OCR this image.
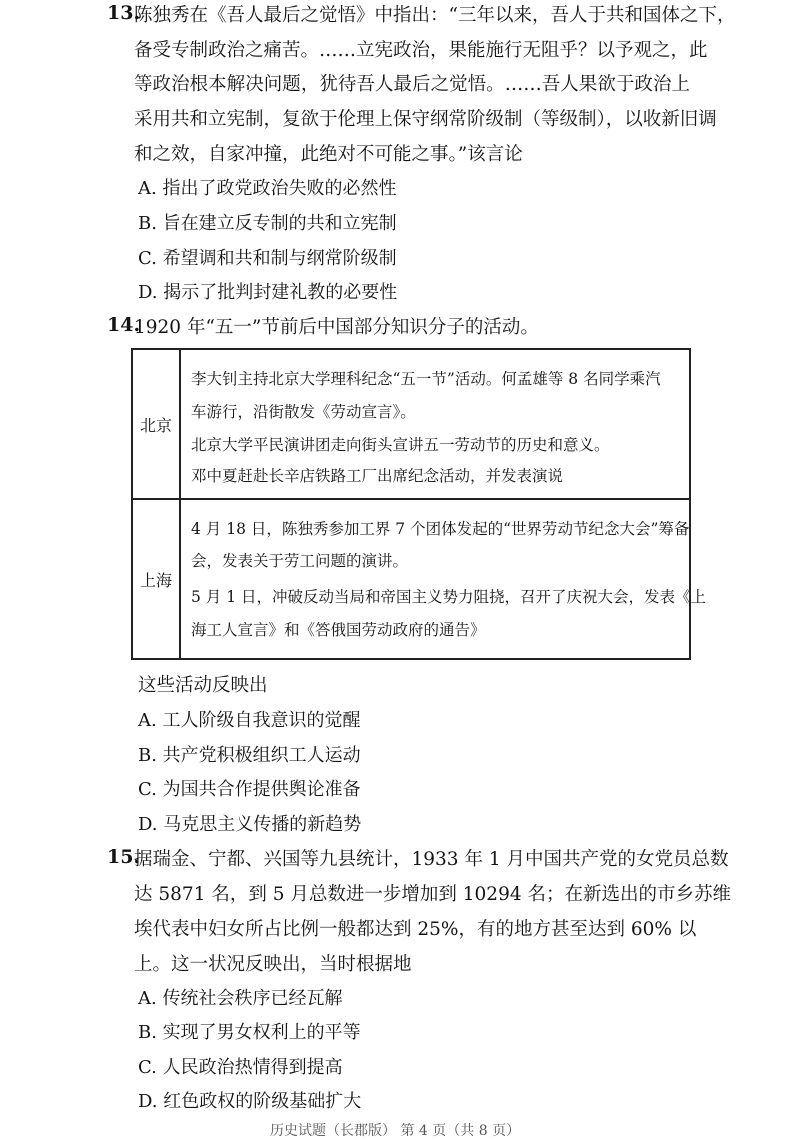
13.
陈独秀在《吾人最后之觉悟》中指出：“三年以来，吾人于共和国体之下，
备受专制政治之痛苦。……立宪政治，果能施行无阻乎？以予观之，此
等政治根本解决问题，犹待吾人最后之觉悟。……吾人果欲于政治上
采用共和立宪制，复欲于伦理上保守纲常阶级制（等级制），以收新旧调
和之效，自家冲撞，此绝对不可能之事。”该言论
A. 指出了政党政治失败的必然性
B. 旨在建立反专制的共和立宪制
C. 希望调和共和制与纲常阶级制
D. 揭示了批判封建礼教的必要性
14.
1920 年“五一”节前后中国部分知识分子的活动。
北京
李大钊主持北京大学理科纪念“五一节”活动。何孟雄等 8 名同学乘汽
车游行，沿街散发《劳动宣言》。
北京大学平民演讲团走向街头宣讲五一劳动节的历史和意义。
邓中夏赶赴长辛店铁路工厂出席纪念活动，并发表演说
上海
4 月 18 日，陈独秀参加工界 7 个团体发起的“世界劳动节纪念大会”筹备
会，发表关于劳工问题的演讲。
5 月 1 日，冲破反动当局和帝国主义势力阻挠，召开了庆祝大会，发表《上
海工人宣言》和《答俄国劳动政府的通告》
这些活动反映出
A. 工人阶级自我意识的觉醒
B. 共产党积极组织工人运动
C. 为国共合作提供舆论准备
D. 马克思主义传播的新趋势
15.
据瑞金、宁都、兴国等九县统计，1933 年 1 月中国共产党的女党员总数
达 5871 名，到 5 月总数进一步增加到 10294 名；在新选出的市乡苏维
埃代表中妇女所占比例一般都达到 25%，有的地方甚至达到 60% 以
上。这一状况反映出，当时根据地
A. 传统社会秩序已经瓦解
B. 实现了男女权利上的平等
C. 人民政治热情得到提高
D. 红色政权的阶级基础扩大
历史试题（长郡版） 第 4 页（共 8 页）
